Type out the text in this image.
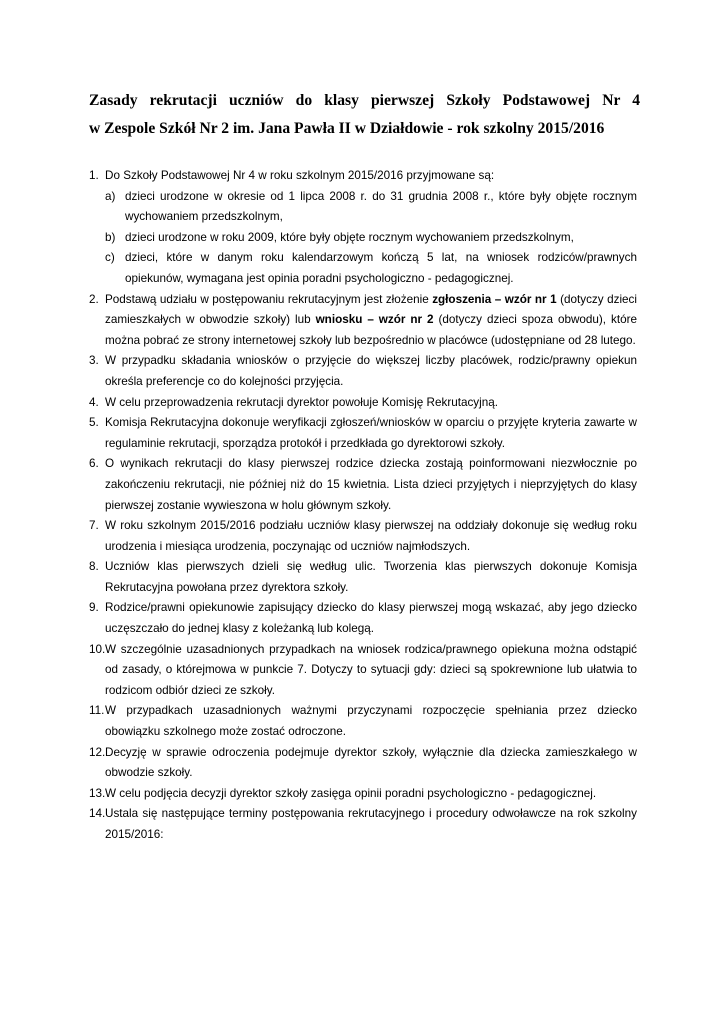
Zasady rekrutacji uczniów do klasy pierwszej Szkoły Podstawowej Nr 4
w Zespole Szkół Nr 2 im. Jana Pawła II w Działdowie - rok szkolny 2015/2016
1. Do Szkoły Podstawowej Nr 4 w roku szkolnym 2015/2016 przyjmowane są:
a) dzieci urodzone w okresie od 1 lipca 2008 r. do 31 grudnia 2008 r., które były objęte rocznym wychowaniem przedszkolnym,
b) dzieci urodzone w roku 2009, które były objęte rocznym wychowaniem przedszkolnym,
c) dzieci, które w danym roku kalendarzowym kończą 5 lat, na wniosek rodziców/prawnych opiekunów, wymagana jest opinia poradni psychologiczno - pedagogicznej.
2. Podstawą udziału w postępowaniu rekrutacyjnym jest złożenie zgłoszenia – wzór nr 1 (dotyczy dzieci zamieszkałych w obwodzie szkoły) lub wniosku – wzór nr 2 (dotyczy dzieci spoza obwodu), które można pobrać ze strony internetowej szkoły lub bezpośrednio w placówce (udostępniane od 28 lutego.
3. W przypadku składania wniosków o przyjęcie do większej liczby placówek, rodzic/prawny opiekun określa preferencje co do kolejności przyjęcia.
4. W celu przeprowadzenia rekrutacji dyrektor powołuje Komisję Rekrutacyjną.
5. Komisja Rekrutacyjna dokonuje weryfikacji zgłoszeń/wniosków w oparciu o przyjęte kryteria zawarte w regulaminie rekrutacji, sporządza protokół i przedkłada go dyrektorowi szkoły.
6. O wynikach rekrutacji do klasy pierwszej rodzice dziecka zostają poinformowani niezwłocznie po zakończeniu rekrutacji, nie później niż do 15 kwietnia. Lista dzieci przyjętych i nieprzyjętych do klasy pierwszej zostanie wywieszona w holu głównym szkoły.
7. W roku szkolnym 2015/2016 podziału uczniów klasy pierwszej na oddziały dokonuje się według roku urodzenia i miesiąca urodzenia, poczynając od uczniów najmłodszych.
8. Uczniów klas pierwszych dzieli się według ulic. Tworzenia klas pierwszych dokonuje Komisja Rekrutacyjna powołana przez dyrektora szkoły.
9. Rodzice/prawni opiekunowie zapisujący dziecko do klasy pierwszej mogą wskazać, aby jego dziecko uczęszczało do jednej klasy z koleżanką lub kolegą.
10. W szczególnie uzasadnionych przypadkach na wniosek rodzica/prawnego opiekuna można odstąpić od zasady, o którejmowa w punkcie 7. Dotyczy to sytuacji gdy: dzieci są spokrewnione lub ułatwia to rodzicom odbiór dzieci ze szkoły.
11. W przypadkach uzasadnionych ważnymi przyczynami rozpoczęcie spełniania przez dziecko obowiązku szkolnego może zostać odroczone.
12. Decyzję w sprawie odroczenia podejmuje dyrektor szkoły, wyłącznie dla dziecka zamieszkałego w obwodzie szkoły.
13. W celu podjęcia decyzji dyrektor szkoły zasięga opinii poradni psychologiczno - pedagogicznej.
14. Ustala się następujące terminy postępowania rekrutacyjnego i procedury odwoławcze na rok szkolny 2015/2016:
